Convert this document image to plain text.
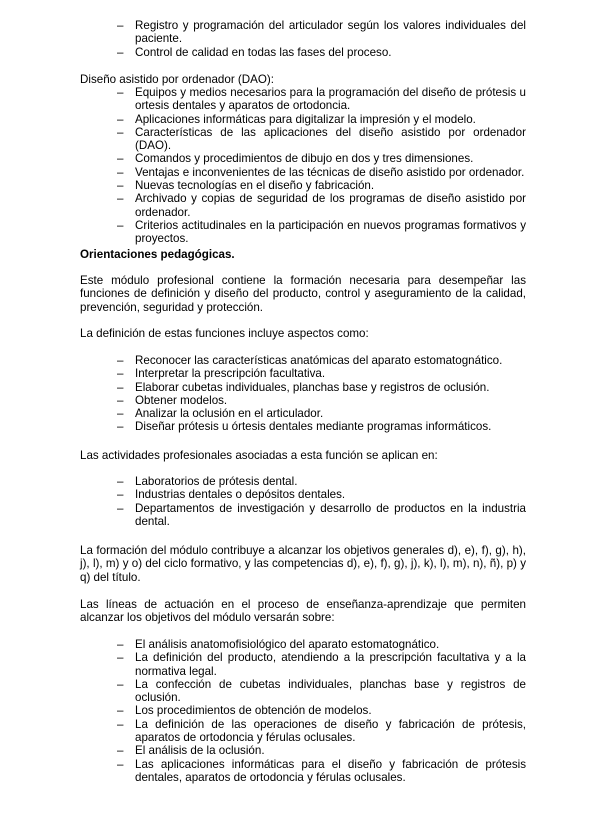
– Registro y programación del articulador según los valores individuales del paciente.
– Control de calidad en todas las fases del proceso.

Diseño asistido por ordenador (DAO):

– Equipos y medios necesarios para la programación del diseño de prótesis u ortesis dentales y aparatos de ortodoncia.
– Aplicaciones informáticas para digitalizar la impresión y el modelo.
– Características de las aplicaciones del diseño asistido por ordenador (DAO).
– Comandos y procedimientos de dibujo en dos y tres dimensiones.
– Ventajas e inconvenientes de las técnicas de diseño asistido por ordenador.
– Nuevas tecnologías en el diseño y fabricación.
– Archivado y copias de seguridad de los programas de diseño asistido por ordenador.
– Criterios actitudinales en la participación en nuevos programas formativos y proyectos.

Orientaciones pedagógicas.

Este módulo profesional contiene la formación necesaria para desempeñar las funciones de definición y diseño del producto, control y aseguramiento de la calidad, prevención, seguridad y protección.

La definición de estas funciones incluye aspectos como:

– Reconocer las características anatómicas del aparato estomatognático.
– Interpretar la prescripción facultativa.
– Elaborar cubetas individuales, planchas base y registros de oclusión.
– Obtener modelos.
– Analizar la oclusión en el articulador.
– Diseñar prótesis u órtesis dentales mediante programas informáticos.

Las actividades profesionales asociadas a esta función se aplican en:

– Laboratorios de prótesis dental.
– Industrias dentales o depósitos dentales.
– Departamentos de investigación y desarrollo de productos en la industria dental.

La formación del módulo contribuye a alcanzar los objetivos generales d), e), f), g), h), j), l), m) y o) del ciclo formativo, y las competencias d), e), f), g), j), k), l), m), n), ñ), p) y q) del título.

Las líneas de actuación en el proceso de enseñanza-aprendizaje que permiten alcanzar los objetivos del módulo versarán sobre:

– El análisis anatomofisiológico del aparato estomatognático.
– La definición del producto, atendiendo a la prescripción facultativa y a la normativa legal.
– La confección de cubetas individuales, planchas base y registros de oclusión.
– Los procedimientos de obtención de modelos.
– La definición de las operaciones de diseño y fabricación de prótesis, aparatos de ortodoncia y férulas oclusales.
– El análisis de la oclusión.
– Las aplicaciones informáticas para el diseño y fabricación de prótesis dentales, aparatos de ortodoncia y férulas oclusales.
